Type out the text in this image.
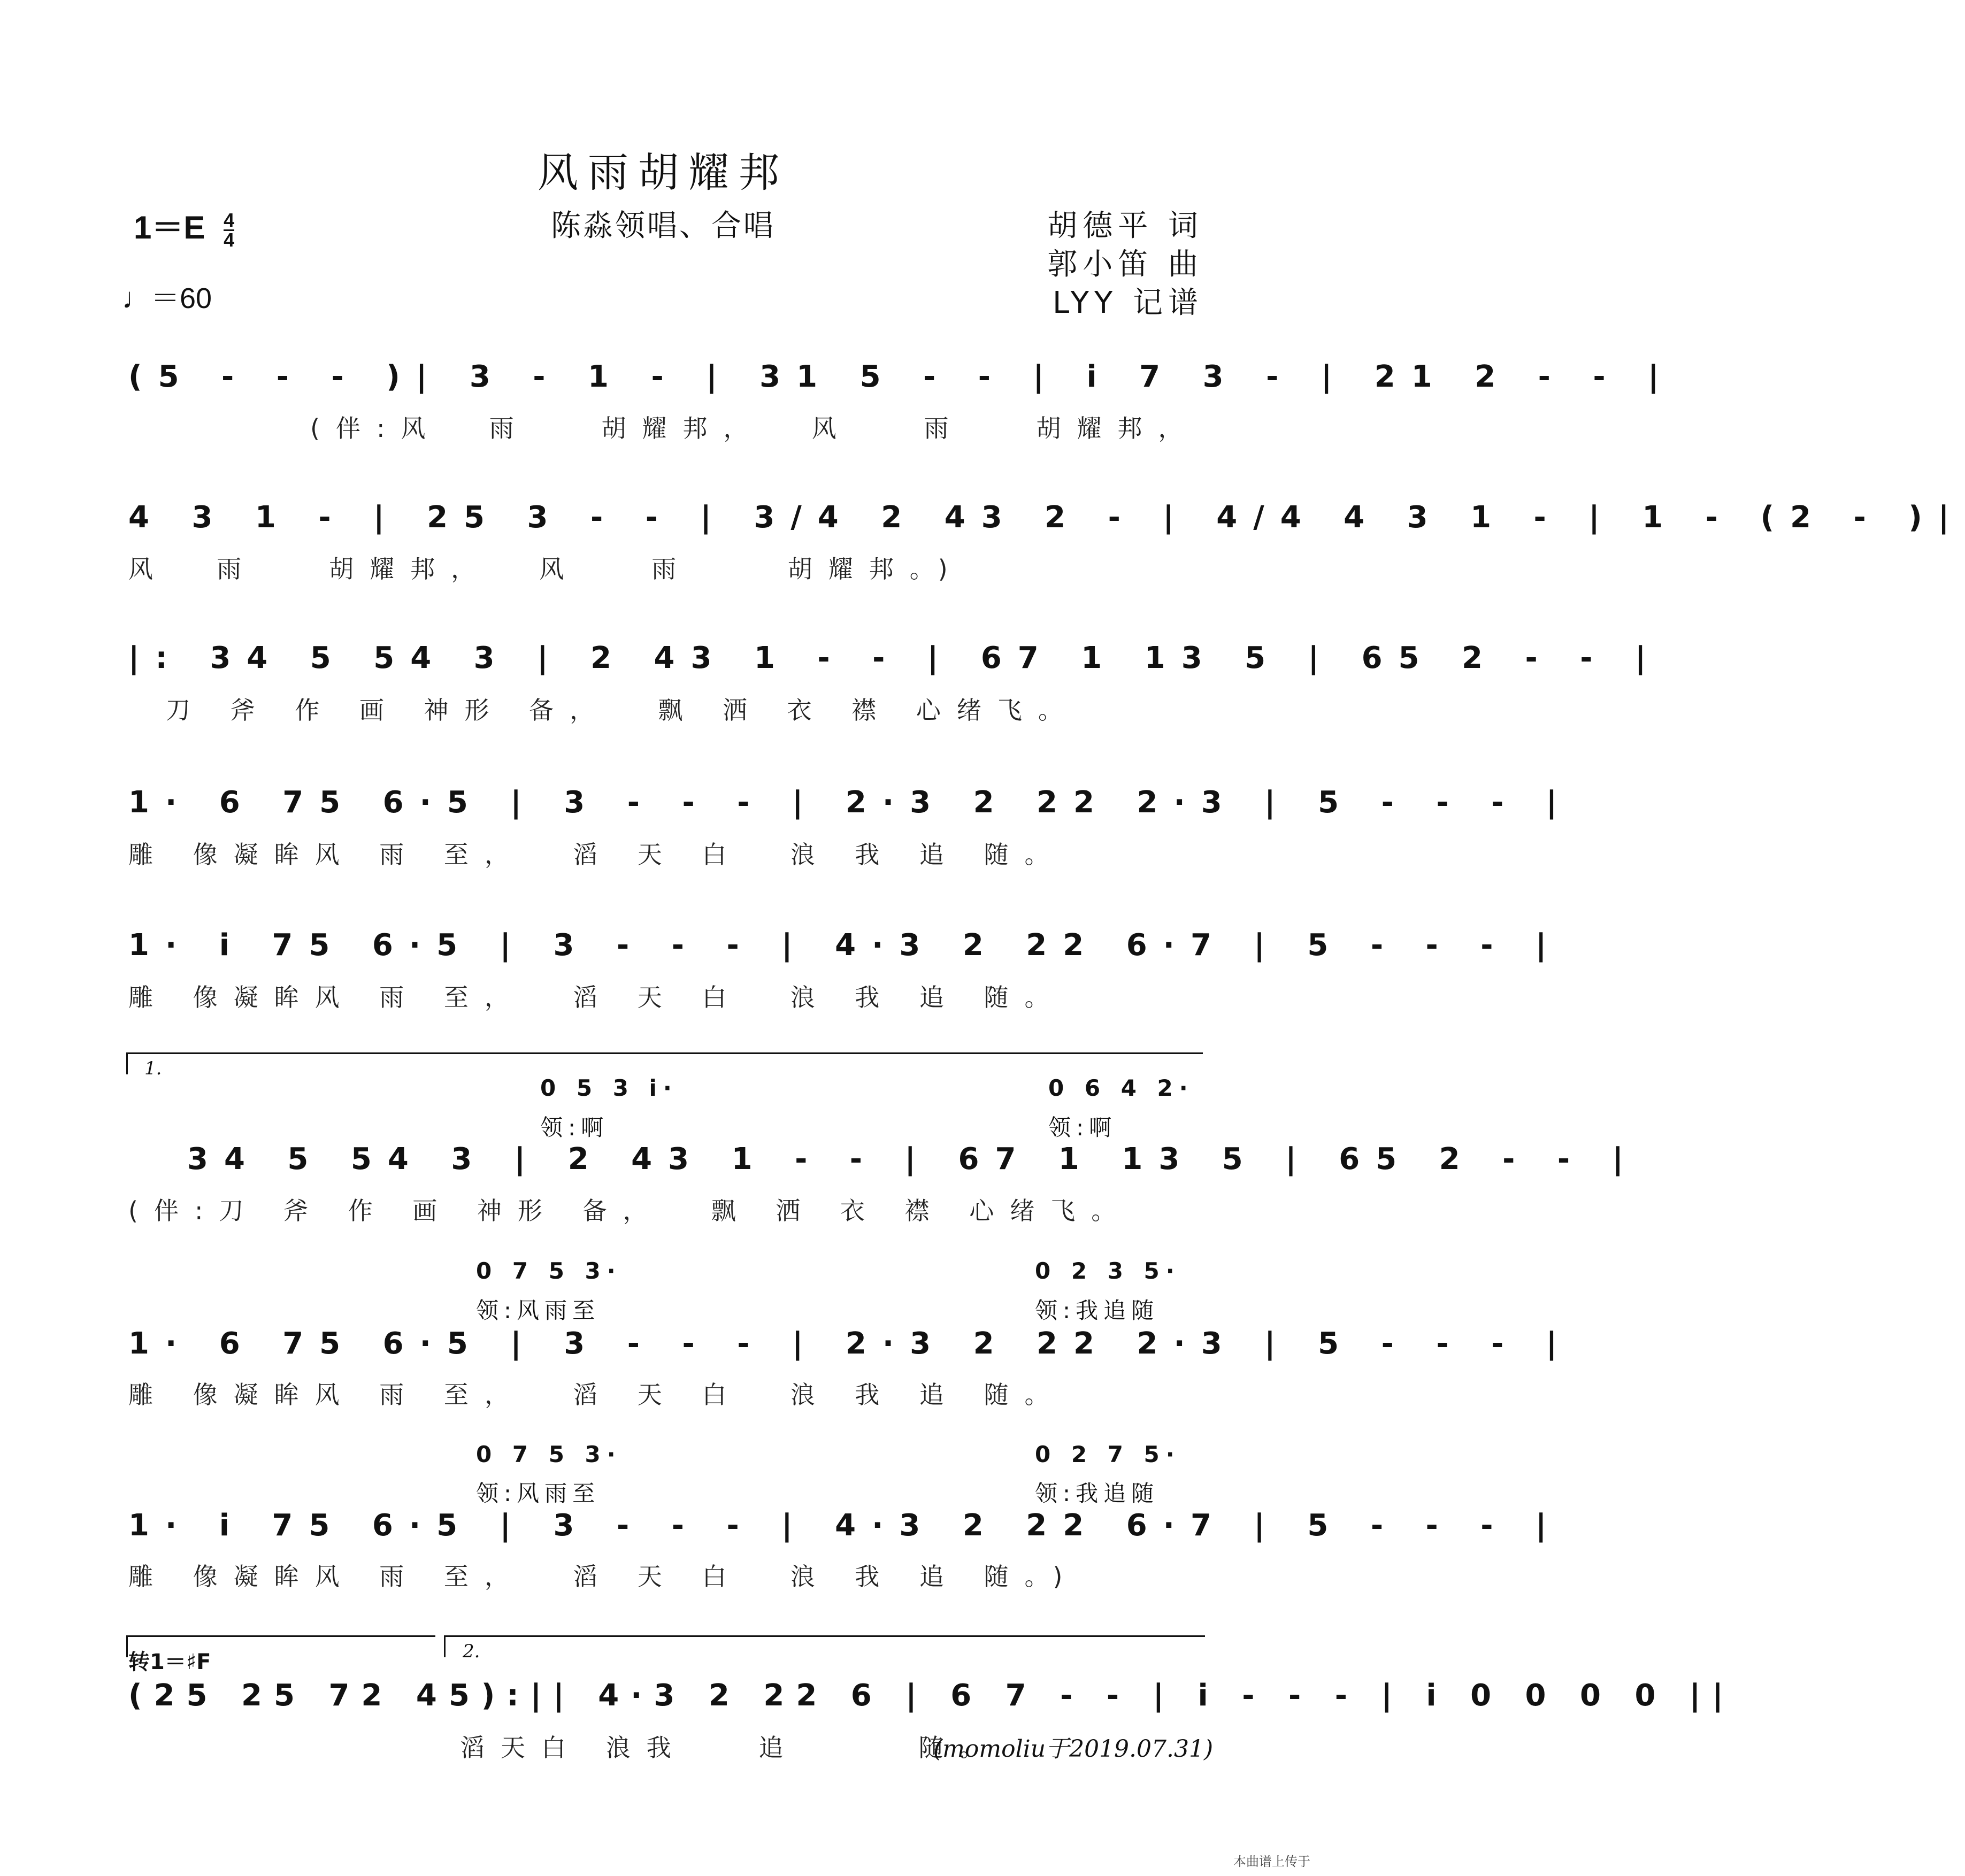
风雨胡耀邦
陈淼领唱、合唱
$1=E \frac{4}{4}$
♩＝60
胡德平 词
郭小笛 曲
LYY 记谱
(5 - - - )| 3 - 1 - | 31 5 - - | i 7 3 - | 21 2 - - |
(伴:风  雨   胡耀邦，  风   雨   胡耀邦，
4 3 1 - | 25 3 - - | 3/4 2 43 2 - | 4/4 4 3 1 - | 1 - (2 - )|
风  雨   胡耀邦，  风   雨    胡耀邦。)
|: 34 5 54 3 | 2 43 1 - - | 67 1 13 5 | 65 2 - - |
刀 斧 作 画 神形 备，  飘 洒 衣 襟 心绪飞。
1· 6 75 6·5 | 3 - - - | 2·3 2 22 2·3 | 5 - - - |
雕 像凝眸风 雨 至，  滔 天 白  浪 我 追 随。
1· i 75 6·5 | 3 - - - | 4·3 2 22 6·7 | 5 - - - |
雕 像凝眸风 雨 至，  滔 天 白  浪 我 追 随。
1.
0 5 3 i·
领:啊
0 6 4 2·
领:啊
34 5 54 3 | 2 43 1 - - | 67 1 13 5 | 65 2 - - |
(伴:刀 斧 作 画 神形 备，  飘 洒 衣 襟 心绪飞。
0 7 5 3·
领:风雨至
0 2 3 5·
领:我追随
1· 6 75 6·5 | 3 - - - | 2·3 2 22 2·3 | 5 - - - |
雕 像凝眸风 雨 至，  滔 天 白  浪 我 追 随。
0 7 5 3·
领:风雨至
0 2 7 5·
领:我追随
1· i 75 6·5 | 3 - - - | 4·3 2 22 6·7 | 5 - - - |
雕 像凝眸风 雨 至，  滔 天 白  浪 我 追 随。)
转1＝♯F	2.
(25 25 72 45):|| 4·3 2 22 6 | 6 7 - - | i - - - | i 0 0 0 0 ||
滔天白 浪我   追     随。
(momoliu于2019.07.31)
本曲谱上传于
